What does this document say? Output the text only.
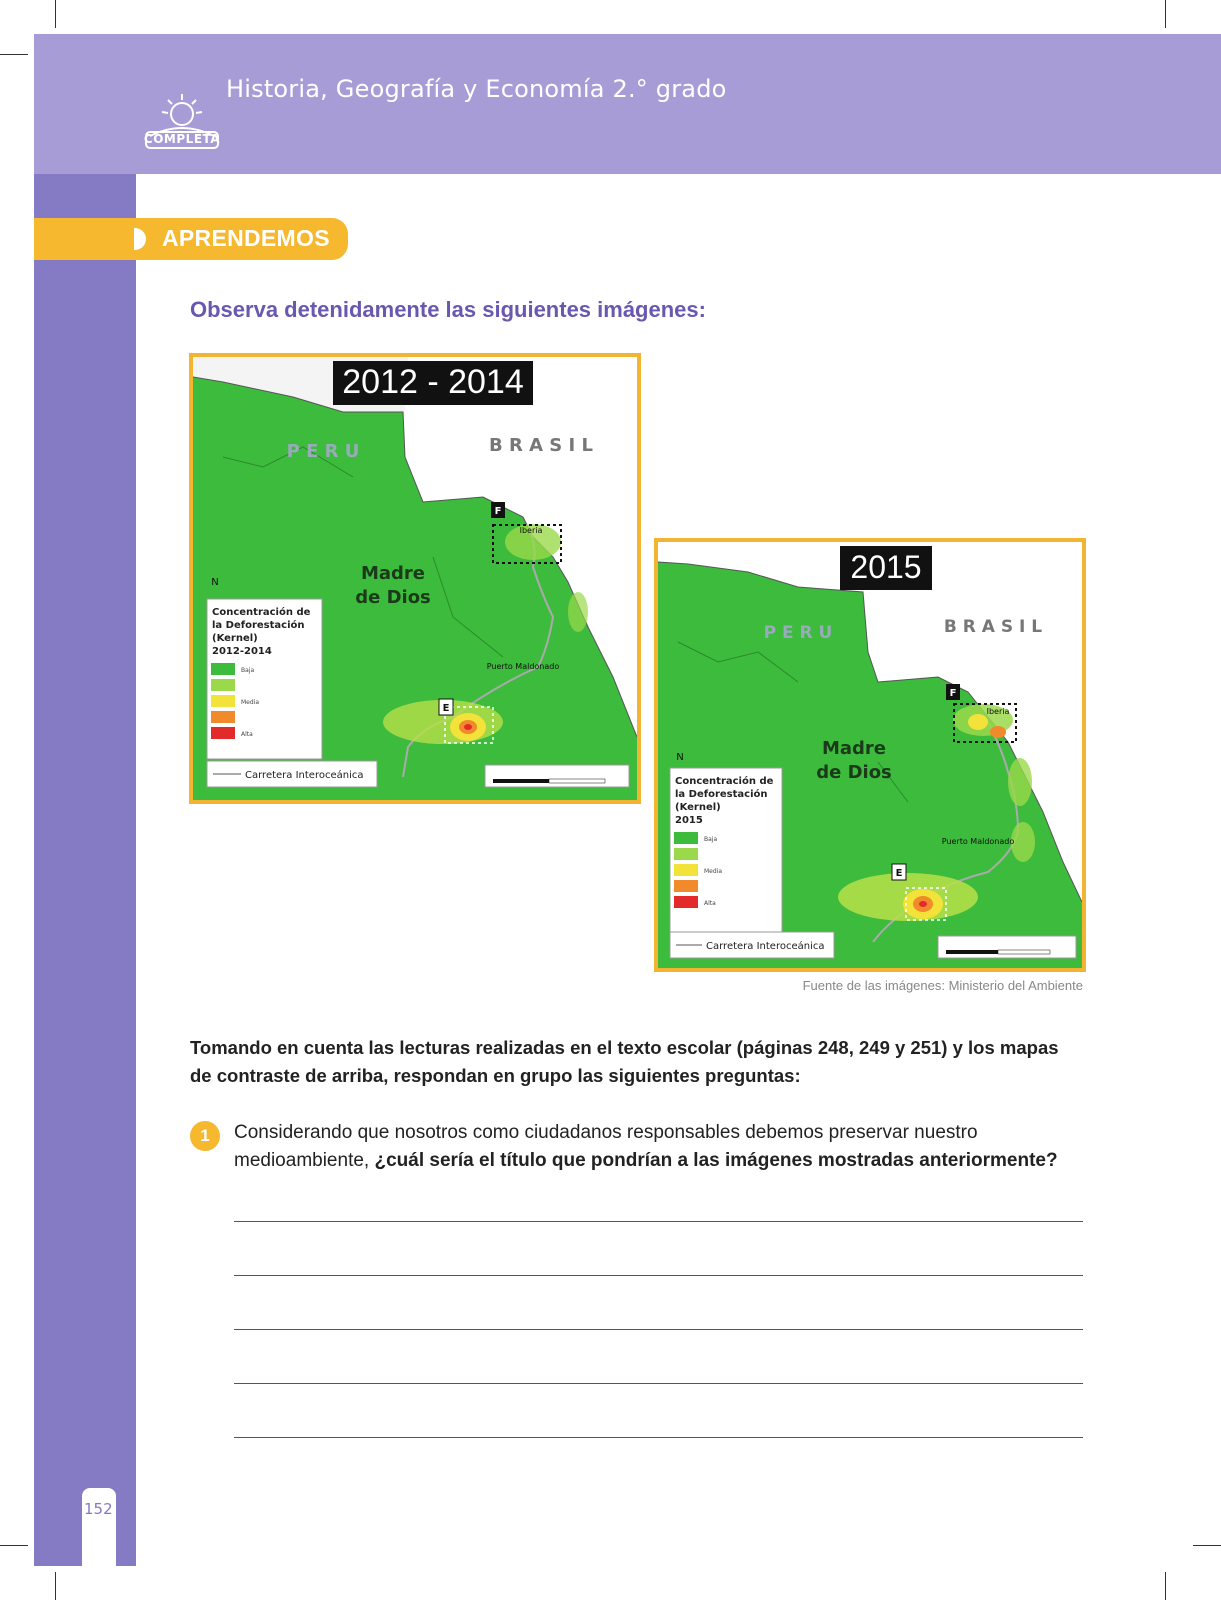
COMPLETA
Historia, Geografía y Economía 2.° grado
152
APRENDEMOS
Observa detenidamente las siguientes imágenes:
2012 - 2014
P E R U	B R A S I L
Madre
de Dios
F
E
Iberia
Puerto Maldonado
N
Concentración de
la Deforestación
(Kernel)
2012-2014
Baja
Media
Alta
Carretera Interoceánica
2015
P E R U	B R A S I L
Madre
de Dios
F
E
Iberia
Puerto Maldonado
N
Concentración de
la Deforestación
(Kernel)
2015
Baja
Media
Alta
Carretera Interoceánica
Fuente de las imágenes: Ministerio del Ambiente
Tomando en cuenta las lecturas realizadas en el texto escolar (páginas 248, 249 y 251) y los mapas de contraste de arriba, respondan en grupo las siguientes preguntas:
1	Considerando que nosotros como ciudadanos responsables debemos preservar nuestro medioambiente, ¿cuál sería el título que pondrían a las imágenes mostradas anteriormente?
